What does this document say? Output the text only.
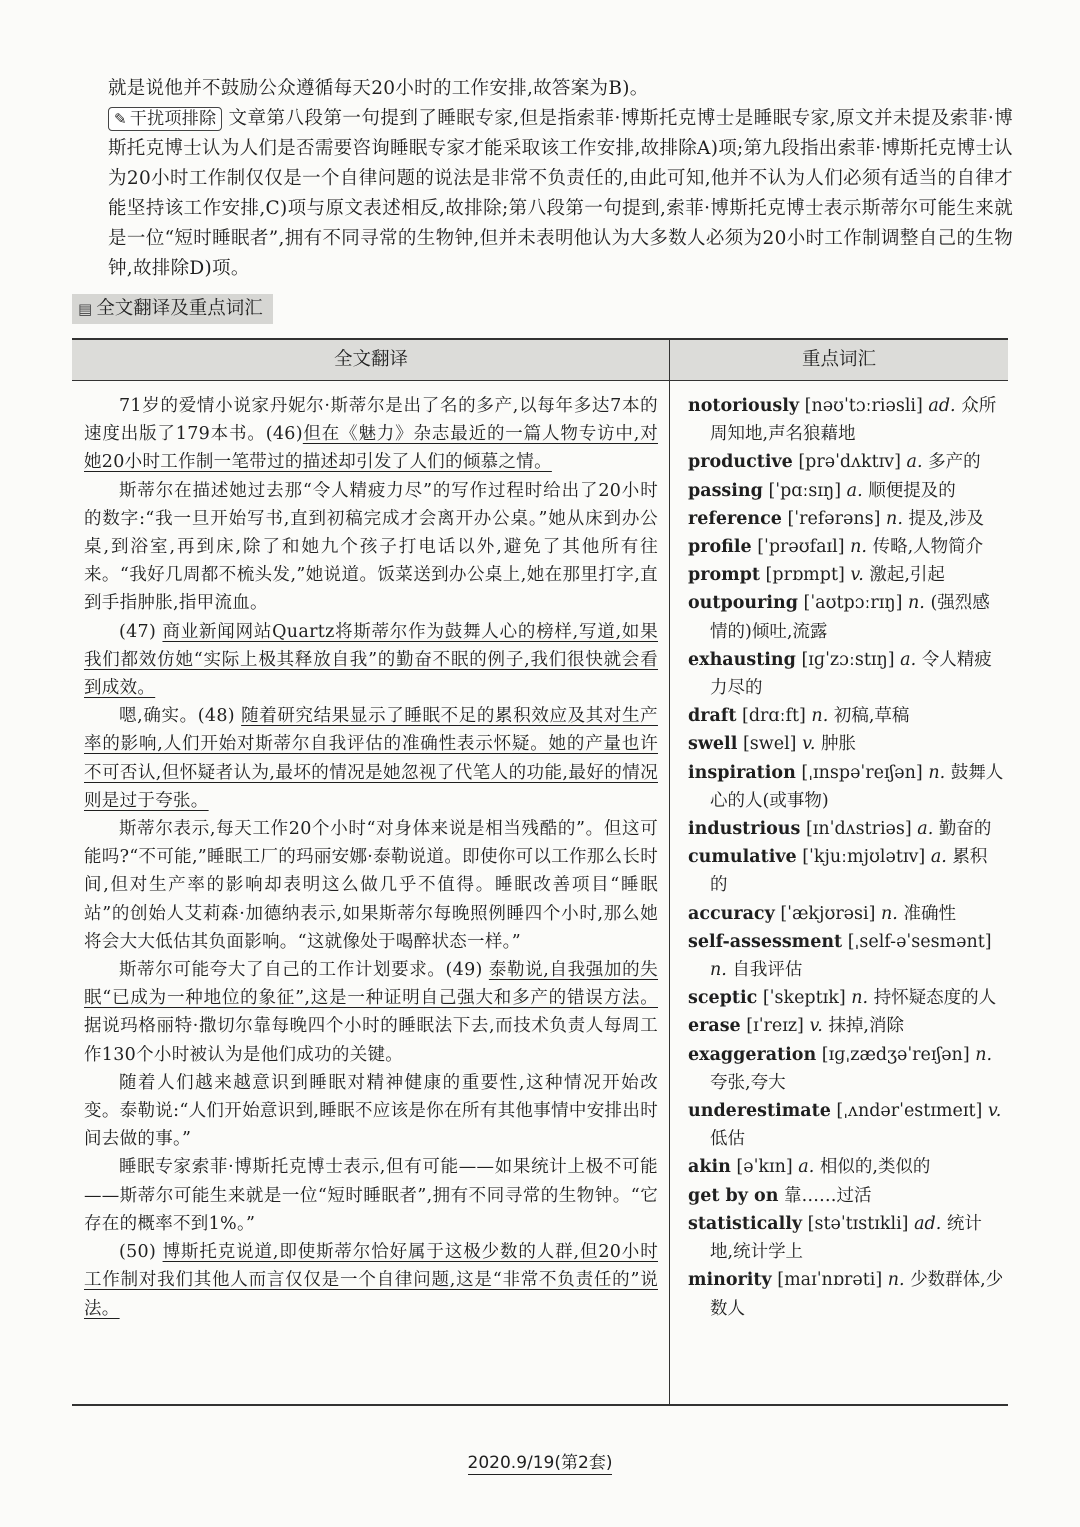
就是说他并不鼓励公众遵循每天20小时的工作安排,故答案为B)。

✎ 干扰项排除 文章第八段第一句提到了睡眠专家,但是指索菲·博斯托克博士是睡眠专家,原文并未提及索菲·博斯托克博士认为人们是否需要咨询睡眠专家才能采取该工作安排,故排除A)项;第九段指出索菲·博斯托克博士认为20小时工作制仅仅是一个自律问题的说法是非常不负责任的,由此可知,他并不认为人们必须有适当的自律才能坚持该工作安排,C)项与原文表述相反,故排除;第八段第一句提到,索菲·博斯托克博士表示斯蒂尔可能生来就是一位“短时睡眠者”,拥有不同寻常的生物钟,但并未表明他认为大多数人必须为20小时工作制调整自己的生物钟,故排除D)项。

▤ 全文翻译及重点词汇
全文翻译	重点词汇

71岁的爱情小说家丹妮尔·斯蒂尔是出了名的多产,以每年多达7本的速度出版了179本书。(46)但在《魅力》杂志最近的一篇人物专访中,对她20小时工作制一笔带过的描述却引发了人们的倾慕之情。

斯蒂尔在描述她过去那“令人精疲力尽”的写作过程时给出了20小时的数字:“我一旦开始写书,直到初稿完成才会离开办公桌。”她从床到办公桌,到浴室,再到床,除了和她九个孩子打电话以外,避免了其他所有往来。“我好几周都不梳头发,”她说道。饭菜送到办公桌上,她在那里打字,直到手指肿胀,指甲流血。

(47) 商业新闻网站Quartz将斯蒂尔作为鼓舞人心的榜样,写道,如果我们都效仿她“实际上极其释放自我”的勤奋不眠的例子,我们很快就会看到成效。

嗯,确实。(48) 随着研究结果显示了睡眠不足的累积效应及其对生产率的影响,人们开始对斯蒂尔自我评估的准确性表示怀疑。她的产量也许不可否认,但怀疑者认为,最坏的情况是她忽视了代笔人的功能,最好的情况则是过于夸张。

斯蒂尔表示,每天工作20个小时“对身体来说是相当残酷的”。但这可能吗?“不可能,”睡眠工厂的玛丽安娜·泰勒说道。即使你可以工作那么长时间,但对生产率的影响却表明这么做几乎不值得。睡眠改善项目“睡眠站”的创始人艾莉森·加德纳表示,如果斯蒂尔每晚照例睡四个小时,那么她将会大大低估其负面影响。“这就像处于喝醉状态一样。”

斯蒂尔可能夸大了自己的工作计划要求。(49) 泰勒说,自我强加的失眠“已成为一种地位的象征”,这是一种证明自己强大和多产的错误方法。据说玛格丽特·撒切尔靠每晚四个小时的睡眠法下去,而技术负责人每周工作130个小时被认为是他们成功的关键。

随着人们越来越意识到睡眠对精神健康的重要性,这种情况开始改变。泰勒说:“人们开始意识到,睡眠不应该是你在所有其他事情中安排出时间去做的事。”

睡眠专家索菲·博斯托克博士表示,但有可能——如果统计上极不可能——斯蒂尔可能生来就是一位“短时睡眠者”,拥有不同寻常的生物钟。“它存在的概率不到1%。”

(50) 博斯托克说道,即使斯蒂尔恰好属于这极少数的人群,但20小时工作制对我们其他人而言仅仅是一个自律问题,这是“非常不负责任的”说法。

notoriously [nəʊˈtɔːriəsli] ad. 众所周知地,声名狼藉地
productive [prəˈdʌktɪv] a. 多产的
passing [ˈpɑːsɪŋ] a. 顺便提及的
reference [ˈrefərəns] n. 提及,涉及
profile [ˈprəʊfaɪl] n. 传略,人物简介
prompt [prɒmpt] v. 激起,引起
outpouring [ˈaʊtpɔːrɪŋ] n. (强烈感情的)倾吐,流露
exhausting [ɪɡˈzɔːstɪŋ] a. 令人精疲力尽的
draft [drɑːft] n. 初稿,草稿
swell [swel] v. 肿胀
inspiration [ˌɪnspəˈreɪʃən] n. 鼓舞人心的人(或事物)
industrious [ɪnˈdʌstriəs] a. 勤奋的
cumulative [ˈkjuːmjʊlətɪv] a. 累积的
accuracy [ˈækjʊrəsi] n. 准确性
self-assessment [ˌself-əˈsesmənt] n. 自我评估
sceptic [ˈskeptɪk] n. 持怀疑态度的人
erase [ɪˈreɪz] v. 抹掉,消除
exaggeration [ɪɡˌzædʒəˈreɪʃən] n. 夸张,夸大
underestimate [ˌʌndərˈestɪmeɪt] v. 低估
akin [əˈkɪn] a. 相似的,类似的
get by on 靠……过活
statistically [stəˈtɪstɪkli] ad. 统计地,统计学上
minority [maɪˈnɒrəti] n. 少数群体,少数人
2020.9/19(第2套)
